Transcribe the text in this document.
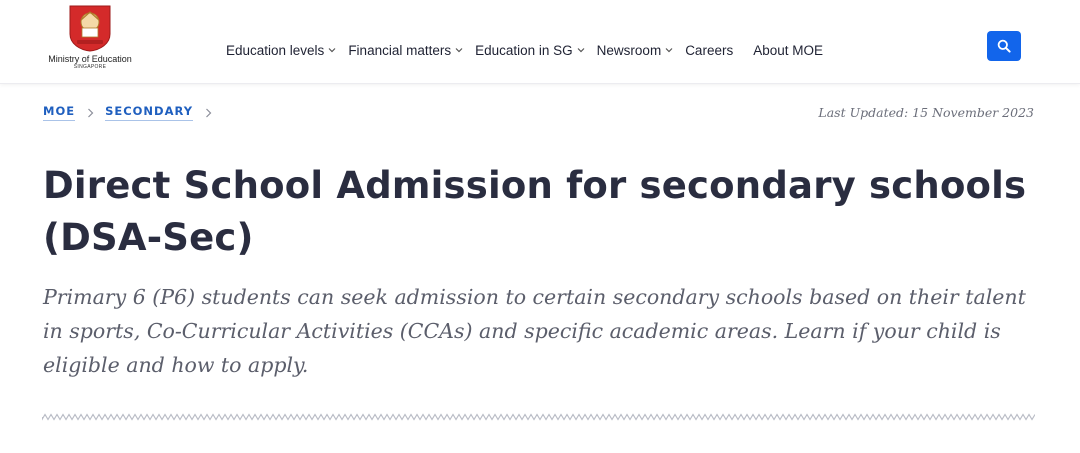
Ministry of Education
SINGAPORE
Education levels Financial matters Education in SG Newsroom Careers About MOE
MOE	SECONDARY	Last Updated: 15 November 2023
Direct School Admission for secondary schools (DSA-Sec)

Primary 6 (P6) students can seek admission to certain secondary schools based on their talent in sports, Co-Curricular Activities (CCAs) and specific academic areas. Learn if your child is eligible and how to apply.
